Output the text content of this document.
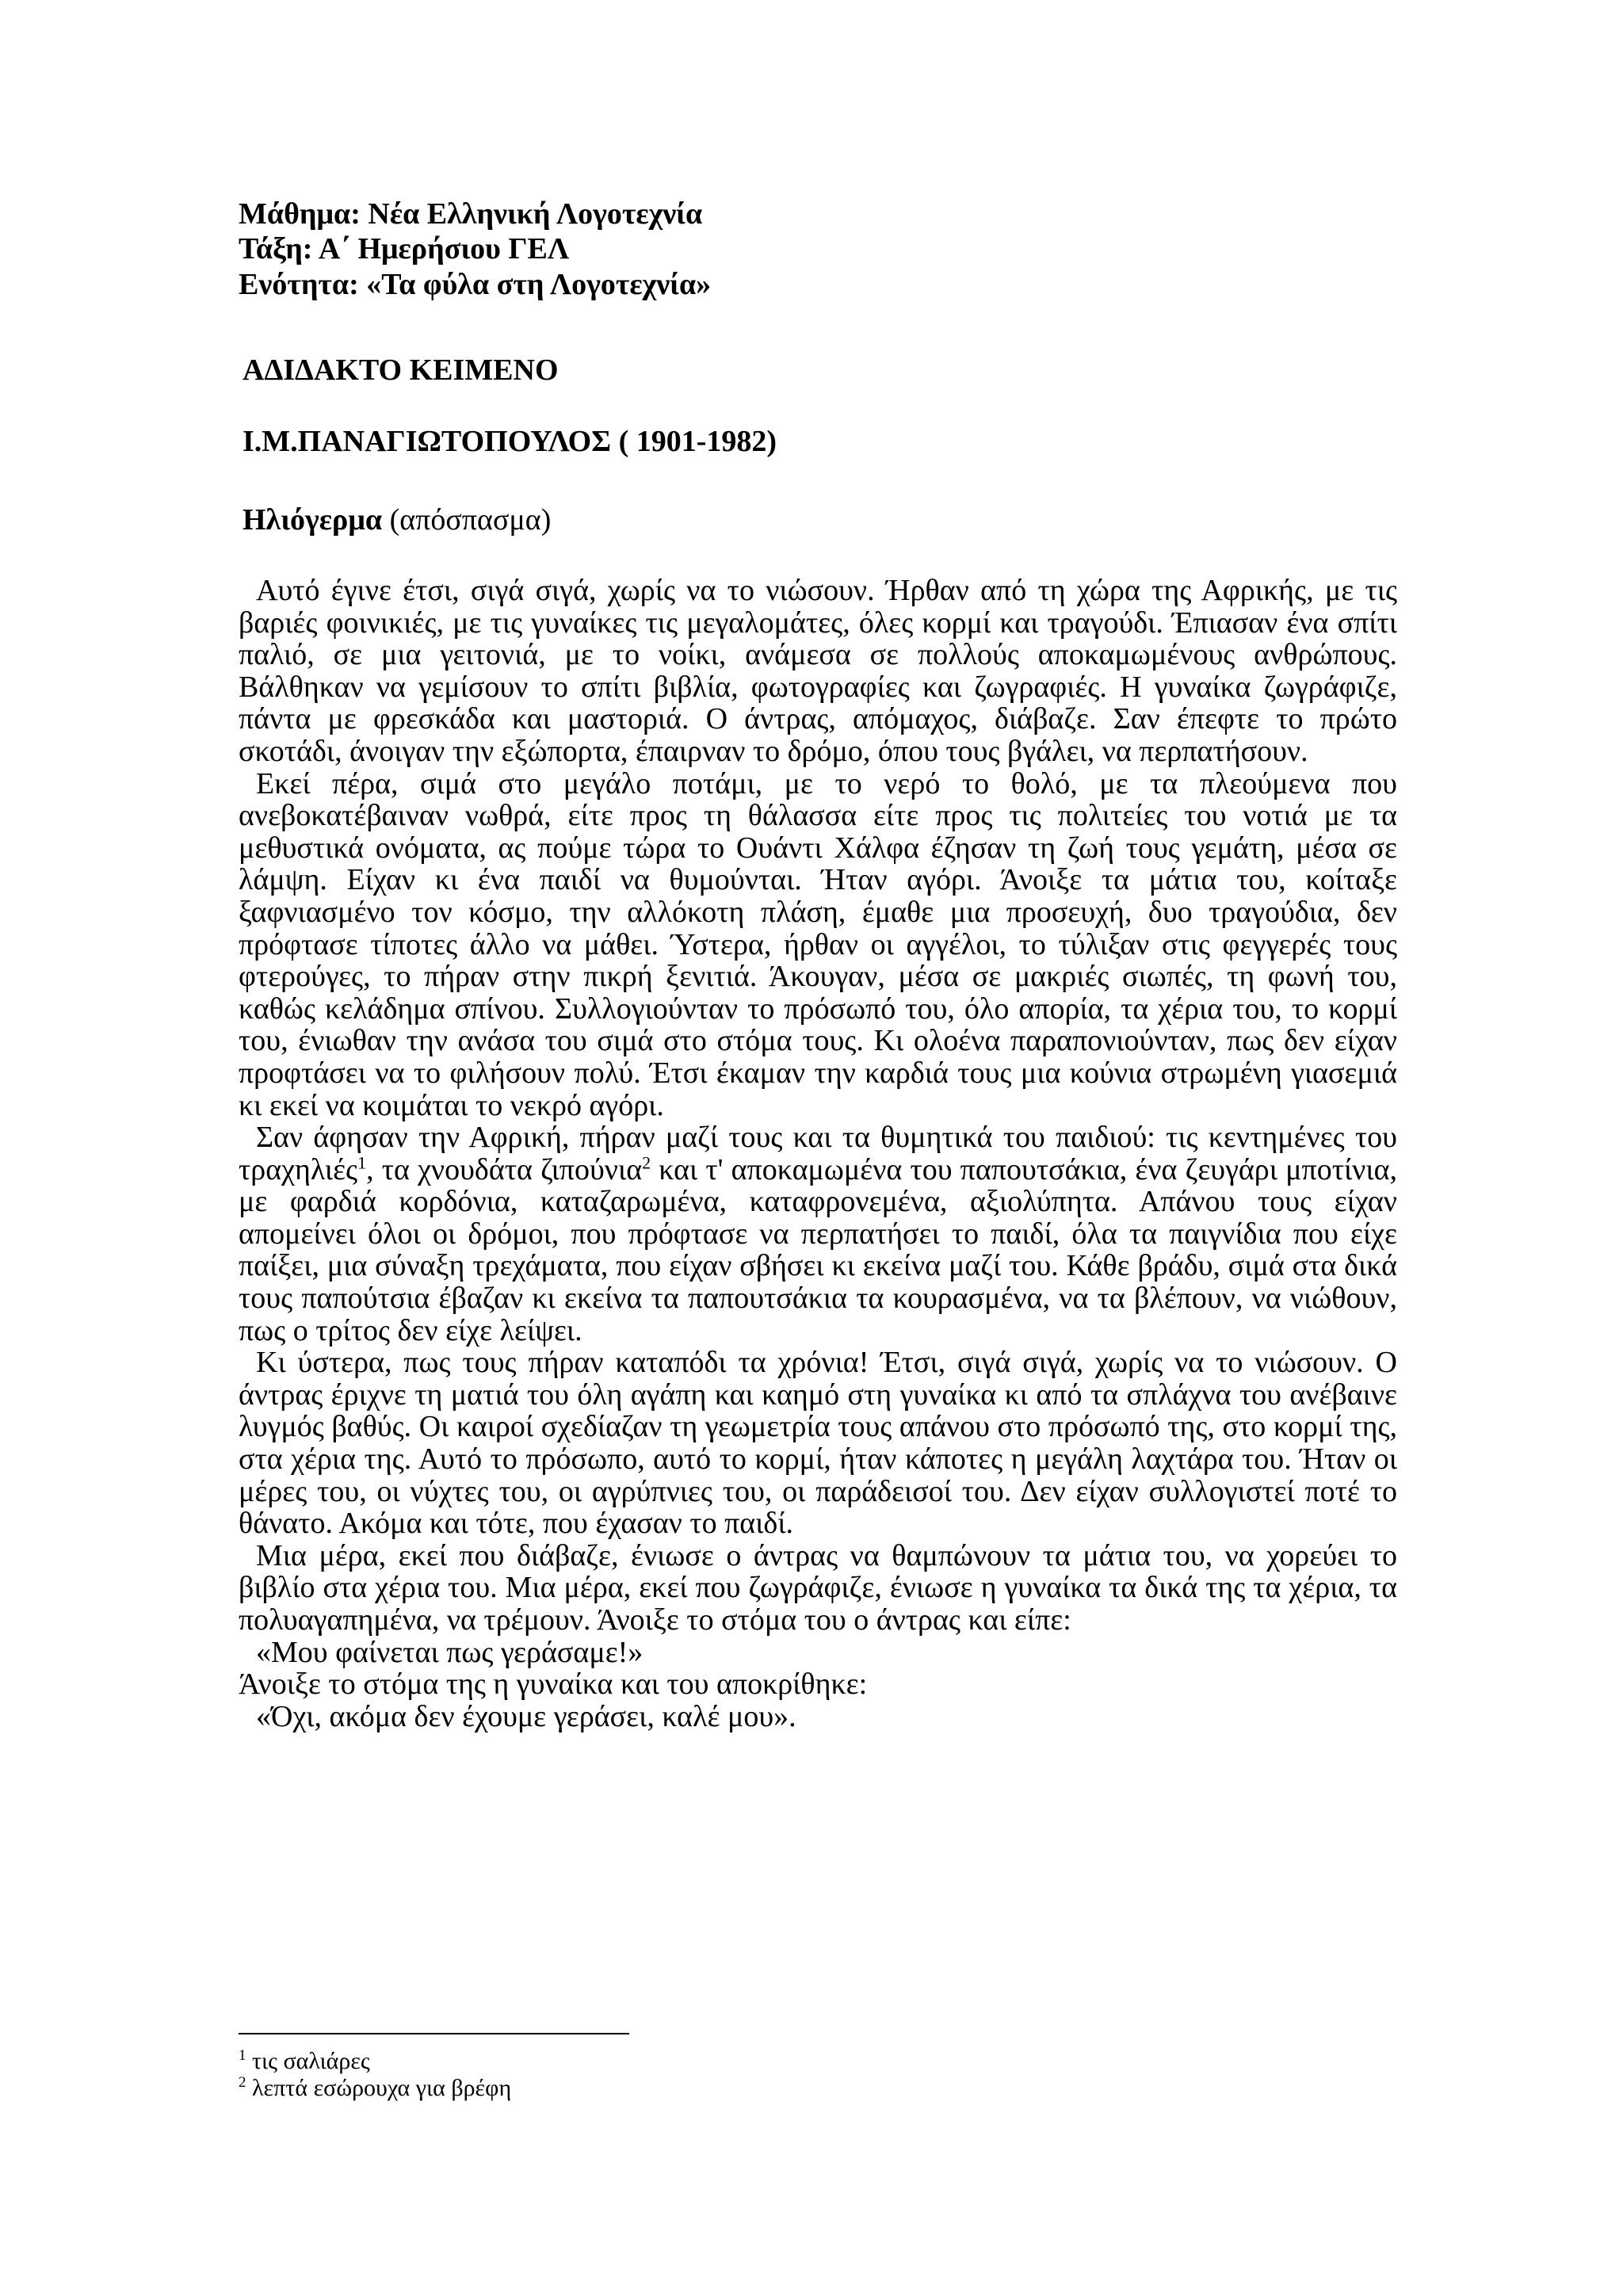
Μάθημα: Νέα Ελληνική Λογοτεχνία
Τάξη: Α΄ Ημερήσιου ΓΕΛ
Ενότητα: «Τα φύλα στη Λογοτεχνία»
ΑΔΙΔΑΚΤΟ ΚΕΙΜΕΝΟ
Ι.Μ.ΠΑΝΑΓΙΩΤΟΠΟΥΛΟΣ ( 1901-1982)
Ηλιόγερμα (απόσπασμα)

Αυτό έγινε έτσι, σιγά σιγά, χωρίς να το νιώσουν. Ήρθαν από τη χώρα της Αφρικής, με τις βαριές φοινικιές, με τις γυναίκες τις μεγαλομάτες, όλες κορμί και τραγούδι. Έπιασαν ένα σπίτι παλιό, σε μια γειτονιά, με το νοίκι, ανάμεσα σε πολλούς αποκαμωμένους ανθρώπους. Βάλθηκαν να γεμίσουν το σπίτι βιβλία, φωτογραφίες και ζωγραφιές. Η γυναίκα ζωγράφιζε, πάντα με φρεσκάδα και μαστοριά. Ο άντρας, απόμαχος, διάβαζε. Σαν έπεφτε το πρώτο σκοτάδι, άνοιγαν την εξώπορτα, έπαιρναν το δρόμο, όπου τους βγάλει, να περπατήσουν.

Εκεί πέρα, σιμά στο μεγάλο ποτάμι, με το νερό το θολό, με τα πλεούμενα που ανεβοκατέβαιναν νωθρά, είτε προς τη θάλασσα είτε προς τις πολιτείες του νοτιά με τα μεθυστικά ονόματα, ας πούμε τώρα το Ουάντι Χάλφα έζησαν τη ζωή τους γεμάτη, μέσα σε λάμψη. Είχαν κι ένα παιδί να θυμούνται. Ήταν αγόρι. Άνοιξε τα μάτια του, κοίταξε ξαφνιασμένο τον κόσμο, την αλλόκοτη πλάση, έμαθε μια προσευχή, δυο τραγούδια, δεν πρόφτασε τίποτες άλλο να μάθει. Ύστερα, ήρθαν οι αγγέλοι, το τύλιξαν στις φεγγερές τους φτερούγες, το πήραν στην πικρή ξενιτιά. Άκουγαν, μέσα σε μακριές σιωπές, τη φωνή του, καθώς κελάδημα σπίνου. Συλλογιούνταν το πρόσωπό του, όλο απορία, τα χέρια του, το κορμί του, ένιωθαν την ανάσα του σιμά στο στόμα τους. Κι ολοένα παραπονιούνταν, πως δεν είχαν προφτάσει να το φιλήσουν πολύ. Έτσι έκαμαν την καρδιά τους μια κούνια στρωμένη γιασεμιά κι εκεί να κοιμάται το νεκρό αγόρι.

Σαν άφησαν την Αφρική, πήραν μαζί τους και τα θυμητικά του παιδιού: τις κεντημένες του τραχηλιές$^1$, τα χνουδάτα ζιπούνια$^2$ και τ' αποκαμωμένα του παπουτσάκια, ένα ζευγάρι μποτίνια, με φαρδιά κορδόνια, καταζαρωμένα, καταφρονεμένα, αξιολύπητα. Απάνου τους είχαν απομείνει όλοι οι δρόμοι, που πρόφτασε να περπατήσει το παιδί, όλα τα παιγνίδια που είχε παίξει, μια σύναξη τρεχάματα, που είχαν σβήσει κι εκείνα μαζί του. Κάθε βράδυ, σιμά στα δικά τους παπούτσια έβαζαν κι εκείνα τα παπουτσάκια τα κουρασμένα, να τα βλέπουν, να νιώθουν, πως ο τρίτος δεν είχε λείψει.

Κι ύστερα, πως τους πήραν καταπόδι τα χρόνια! Έτσι, σιγά σιγά, χωρίς να το νιώσουν. Ο άντρας έριχνε τη ματιά του όλη αγάπη και καημό στη γυναίκα κι από τα σπλάχνα του ανέβαινε λυγμός βαθύς. Οι καιροί σχεδίαζαν τη γεωμετρία τους απάνου στο πρόσωπό της, στο κορμί της, στα χέρια της. Αυτό το πρόσωπο, αυτό το κορμί, ήταν κάποτες η μεγάλη λαχτάρα του. Ήταν οι μέρες του, οι νύχτες του, οι αγρύπνιες του, οι παράδεισοί του. Δεν είχαν συλλογιστεί ποτέ το θάνατο. Ακόμα και τότε, που έχασαν το παιδί.

Μια μέρα, εκεί που διάβαζε, ένιωσε ο άντρας να θαμπώνουν τα μάτια του, να χορεύει το βιβλίο στα χέρια του. Μια μέρα, εκεί που ζωγράφιζε, ένιωσε η γυναίκα τα δικά της τα χέρια, τα πολυαγαπημένα, να τρέμουν. Άνοιξε το στόμα του ο άντρας και είπε:

«Μου φαίνεται πως γεράσαμε!»

Άνοιξε το στόμα της η γυναίκα και του αποκρίθηκε:

«Όχι, ακόμα δεν έχουμε γεράσει, καλέ μου».

$^1$ τις σαλιάρες
$^2$ λεπτά εσώρουχα για βρέφη
